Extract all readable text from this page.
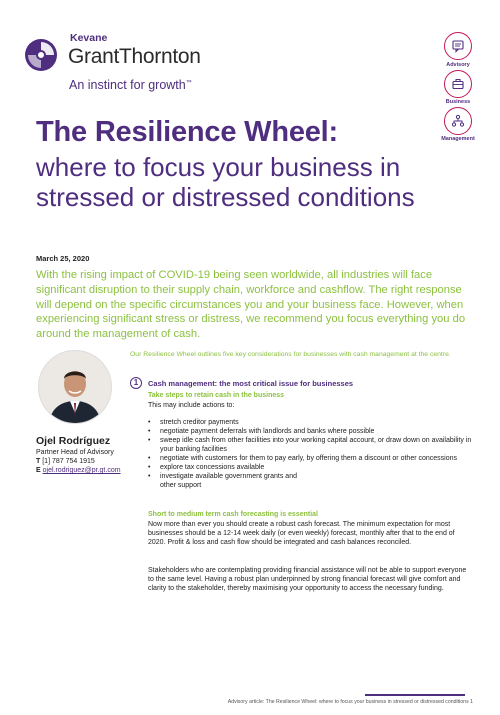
Kevane
GrantThornton
An instinct for growth™
Advisory
Business
Management
The Resilience Wheel:
where to focus your business in stressed or distressed conditions
March 25, 2020
With the rising impact of COVID-19 being seen worldwide, all industries will face significant disruption to their supply chain, workforce and cashflow. The right response will depend on the specific circumstances you and your business face. However, when experiencing significant stress or distress, we recommend you focus everything you do around the management of cash.
Ojel Rodríguez
Partner Head of Advisory
T [1] 787 754 1915
E ojel.rodriguez@pr.gt.com
Our Resilience Wheel outlines five key considerations for businesses with cash management at the centre.
1	Cash management: the most critical issue for businesses
Take steps to retain cash in the business
This may include actions to:
• stretch creditor payments
• negotiate payment deferrals with landlords and banks where possible
• sweep idle cash from other facilities into your working capital account, or draw down on availability in your banking facilities
• negotiate with customers for them to pay early, by offering them a discount or other concessions
• explore tax concessions available
• investigate available government grants and other support
Short to medium term cash forecasting is essential
Now more than ever you should create a robust cash forecast. The minimum expectation for most businesses should be a 12-14 week daily (or even weekly) forecast, monthly after that to the end of 2020. Profit & loss and cash flow should be integrated and cash balances reconciled.
Stakeholders who are contemplating providing financial assistance will not be able to support everyone to the same level. Having a robust plan underpinned by strong financial forecast will give comfort and clarity to the stakeholder, thereby maximising your opportunity to access the necessary funding.
Advisory article: The Resilience Wheel: where to focus your business in stressed or distressed conditions 1
